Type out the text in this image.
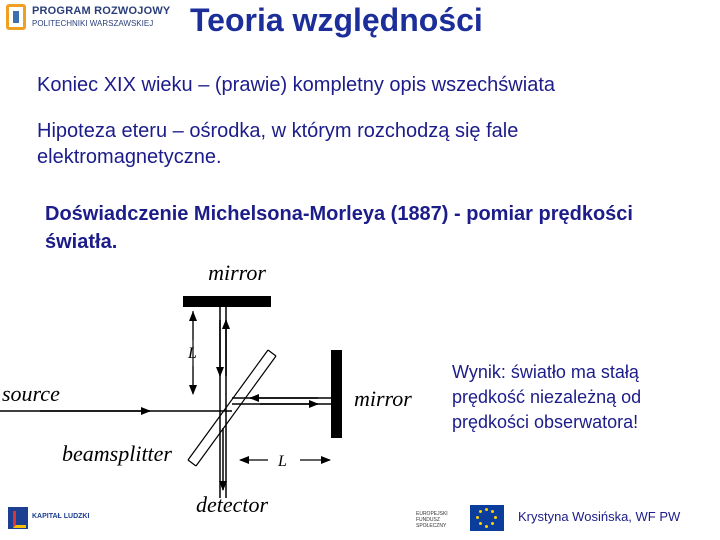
PROGRAM ROZWOJOWY
POLITECHNIKI WARSZAWSKIEJ Teoria względności
Koniec XIX wieku – (prawie) kompletny opis wszechświata
Hipoteza eteru – ośrodka, w którym rozchodzą się fale elektromagnetyczne.
Doświadczenie Michelsona-Morleya (1887) - pomiar prędkości światła.
mirror
mirror
source
beamsplitter
L
L
detector
Wynik: światło ma stałą prędkość niezależną od prędkości obserwatora!
KAPITAŁ LUDZKI	EUROPEJSKI FUNDUSZ SPOŁECZNY
Krystyna Wosińska, WF PW
